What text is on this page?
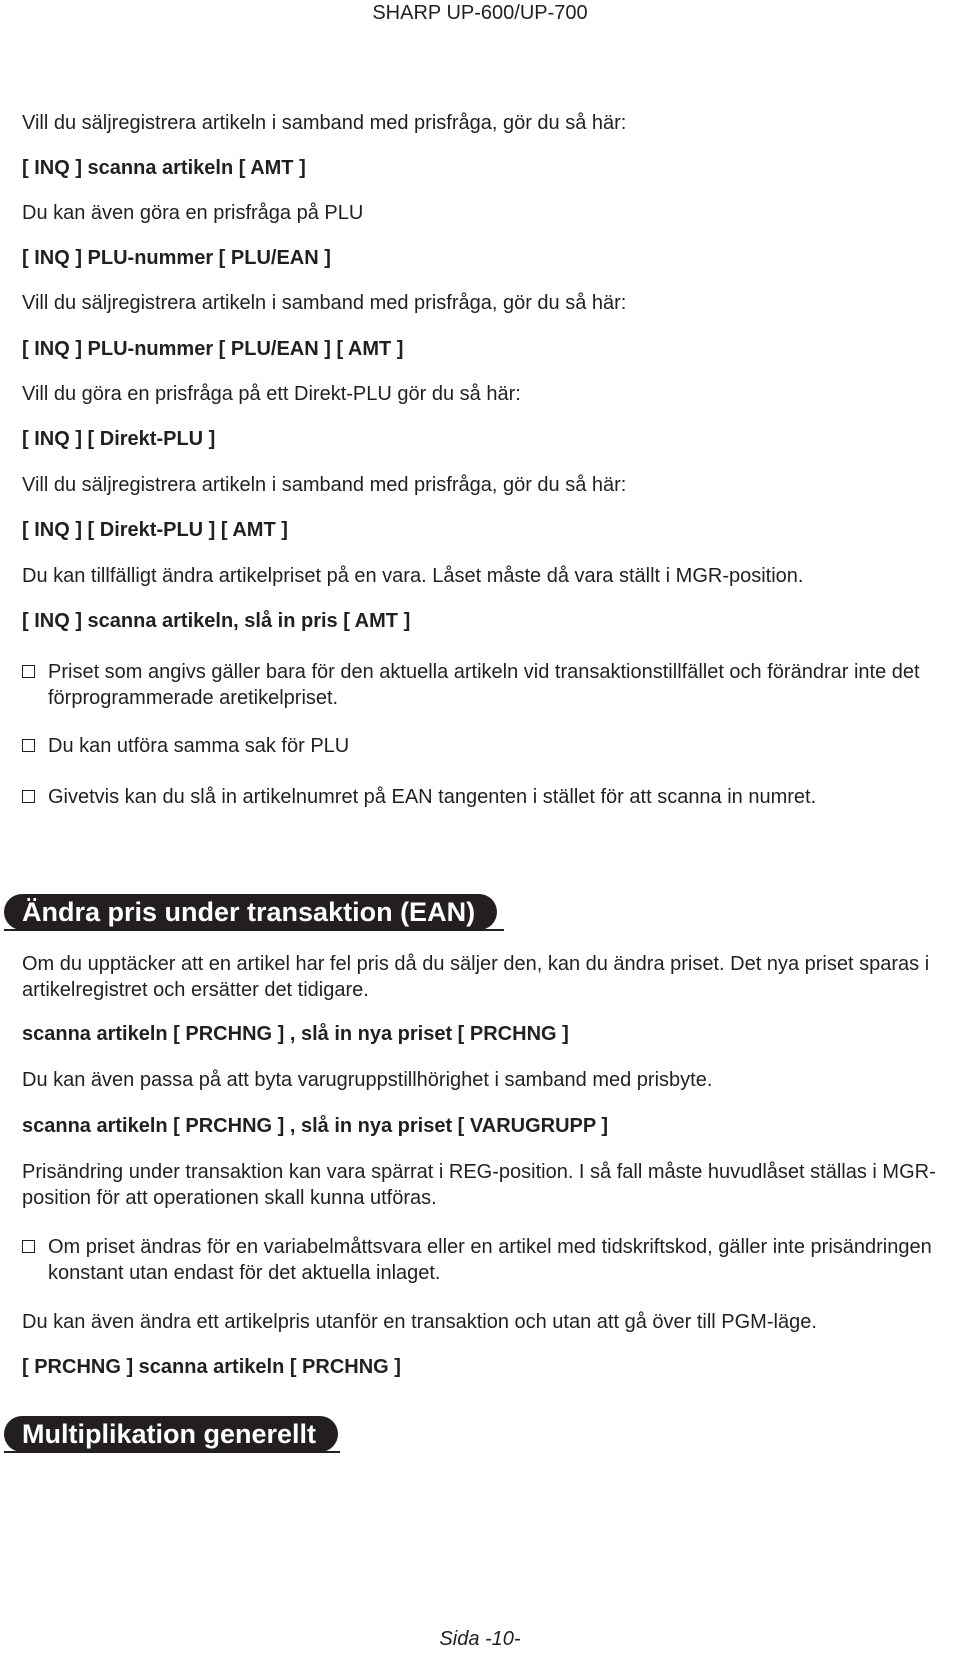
SHARP UP-600/UP-700
Vill du säljregistrera artikeln i samband med prisfråga, gör du så här:
[ INQ ] scanna artikeln [ AMT ]
Du kan även göra en prisfråga på PLU
[ INQ ] PLU-nummer [ PLU/EAN ]
Vill du säljregistrera artikeln i samband med prisfråga, gör du så här:
[ INQ ] PLU-nummer [ PLU/EAN ] [ AMT ]
Vill du göra en prisfråga på ett Direkt-PLU gör du så här:
[ INQ ] [ Direkt-PLU ]
Vill du säljregistrera artikeln i samband med prisfråga, gör du så här:
[ INQ ] [ Direkt-PLU ] [ AMT ]
Du kan tillfälligt ändra artikelpriset på en vara. Låset måste då vara ställt i MGR-position.
[ INQ ] scanna artikeln, slå in pris [ AMT ]
Priset som angivs gäller bara för den aktuella artikeln vid transaktionstillfället och förändrar inte det förprogrammerade aretikelpriset.
Du kan utföra samma sak för PLU
Givetvis kan du slå in artikelnumret på EAN tangenten i stället för att scanna in numret.
Ändra pris under transaktion (EAN)
Om du upptäcker att en artikel har fel pris då du säljer den, kan du ändra priset. Det nya priset sparas i artikelregistret och ersätter det tidigare.
scanna artikeln [ PRCHNG ] , slå in nya priset [ PRCHNG ]
Du kan även passa på att byta varugruppstillhörighet i samband med prisbyte.
scanna artikeln [ PRCHNG ] , slå in nya priset [ VARUGRUPP ]
Prisändring under transaktion kan vara spärrat i REG-position. I så fall måste huvudlåset ställas i MGR-position för att operationen skall kunna utföras.
Om priset ändras för en variabelmåttsvara eller en artikel med tidskriftskod, gäller inte prisändringen konstant utan endast för det aktuella inlaget.
Du kan även ändra ett artikelpris utanför en transaktion och utan att gå över till PGM-läge.
[ PRCHNG ] scanna artikeln [ PRCHNG ]
Multiplikation generellt
Sida -10-
